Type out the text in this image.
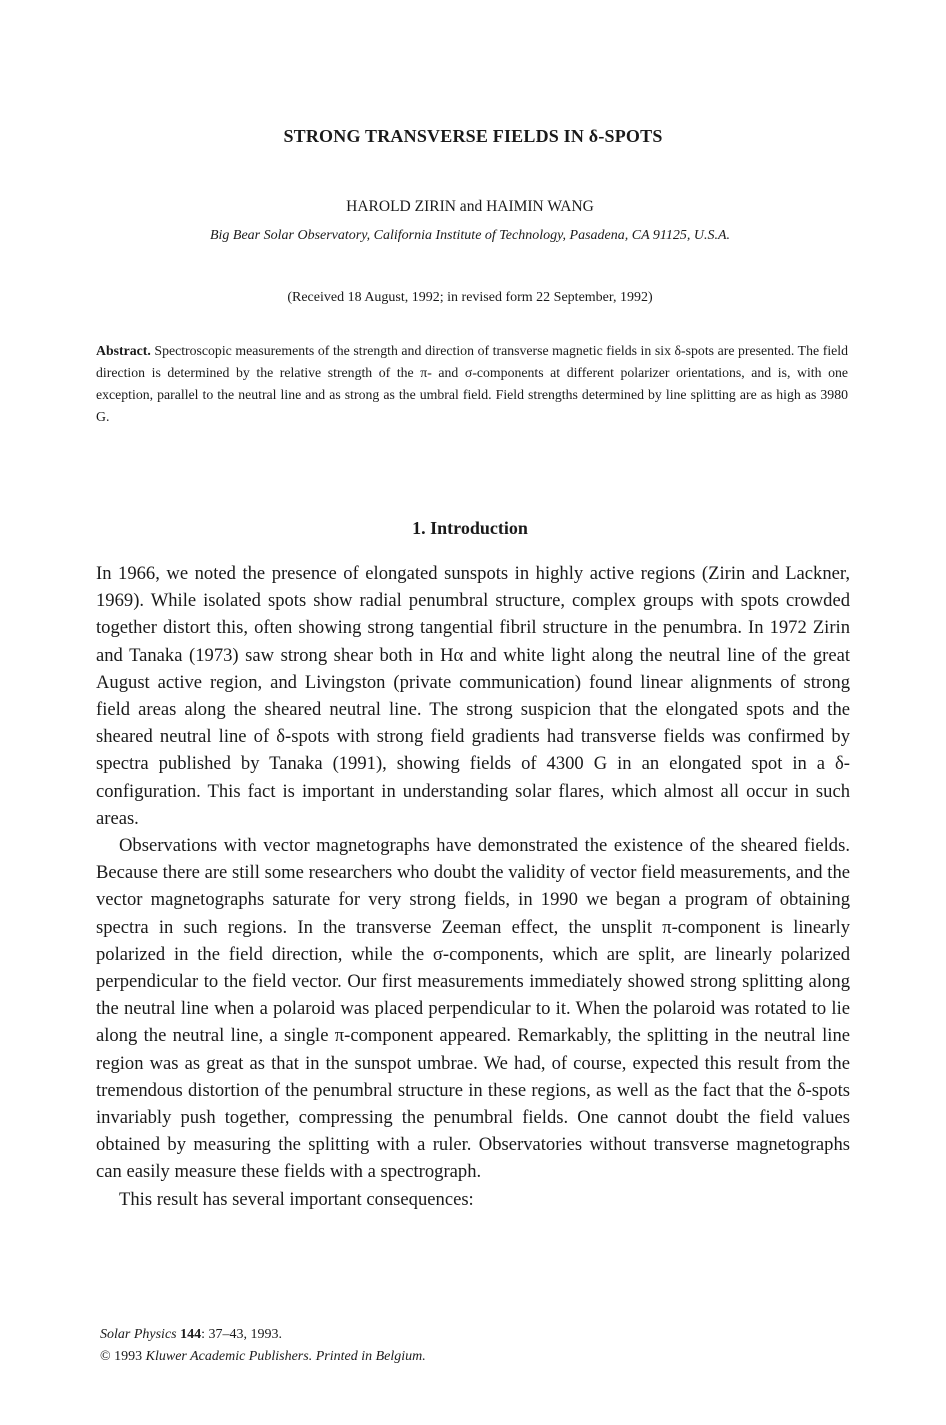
STRONG TRANSVERSE FIELDS IN δ-SPOTS
HAROLD ZIRIN and HAIMIN WANG
Big Bear Solar Observatory, California Institute of Technology, Pasadena, CA 91125, U.S.A.
(Received 18 August, 1992; in revised form 22 September, 1992)

Abstract. Spectroscopic measurements of the strength and direction of transverse magnetic fields in six δ-spots are presented. The field direction is determined by the relative strength of the π- and σ-components at different polarizer orientations, and is, with one exception, parallel to the neutral line and as strong as the umbral field. Field strengths determined by line splitting are as high as 3980 G.

1. Introduction

In 1966, we noted the presence of elongated sunspots in highly active regions (Zirin and Lackner, 1969). While isolated spots show radial penumbral structure, complex groups with spots crowded together distort this, often showing strong tangential fibril structure in the penumbra. In 1972 Zirin and Tanaka (1973) saw strong shear both in Hα and white light along the neutral line of the great August active region, and Livingston (private communication) found linear alignments of strong field areas along the sheared neutral line. The strong suspicion that the elongated spots and the sheared neutral line of δ-spots with strong field gradients had transverse fields was confirmed by spectra published by Tanaka (1991), showing fields of 4300 G in an elongated spot in a δ-configuration. This fact is important in understanding solar flares, which almost all occur in such areas.

Observations with vector magnetographs have demonstrated the existence of the sheared fields. Because there are still some researchers who doubt the validity of vector field measurements, and the vector magnetographs saturate for very strong fields, in 1990 we began a program of obtaining spectra in such regions. In the transverse Zeeman effect, the unsplit π-component is linearly polarized in the field direction, while the σ-components, which are split, are linearly polarized perpendicular to the field vector. Our first measurements immediately showed strong splitting along the neutral line when a polaroid was placed perpendicular to it. When the polaroid was rotated to lie along the neutral line, a single π-component appeared. Remarkably, the splitting in the neutral line region was as great as that in the sunspot umbrae. We had, of course, expected this result from the tremendous distortion of the penumbral structure in these regions, as well as the fact that the δ-spots invariably push together, compressing the penumbral fields. One cannot doubt the field values obtained by measuring the splitting with a ruler. Observatories without transverse magnetographs can easily measure these fields with a spectrograph.

This result has several important consequences:

Solar Physics 144: 37–43, 1993.
© 1993 Kluwer Academic Publishers. Printed in Belgium.
